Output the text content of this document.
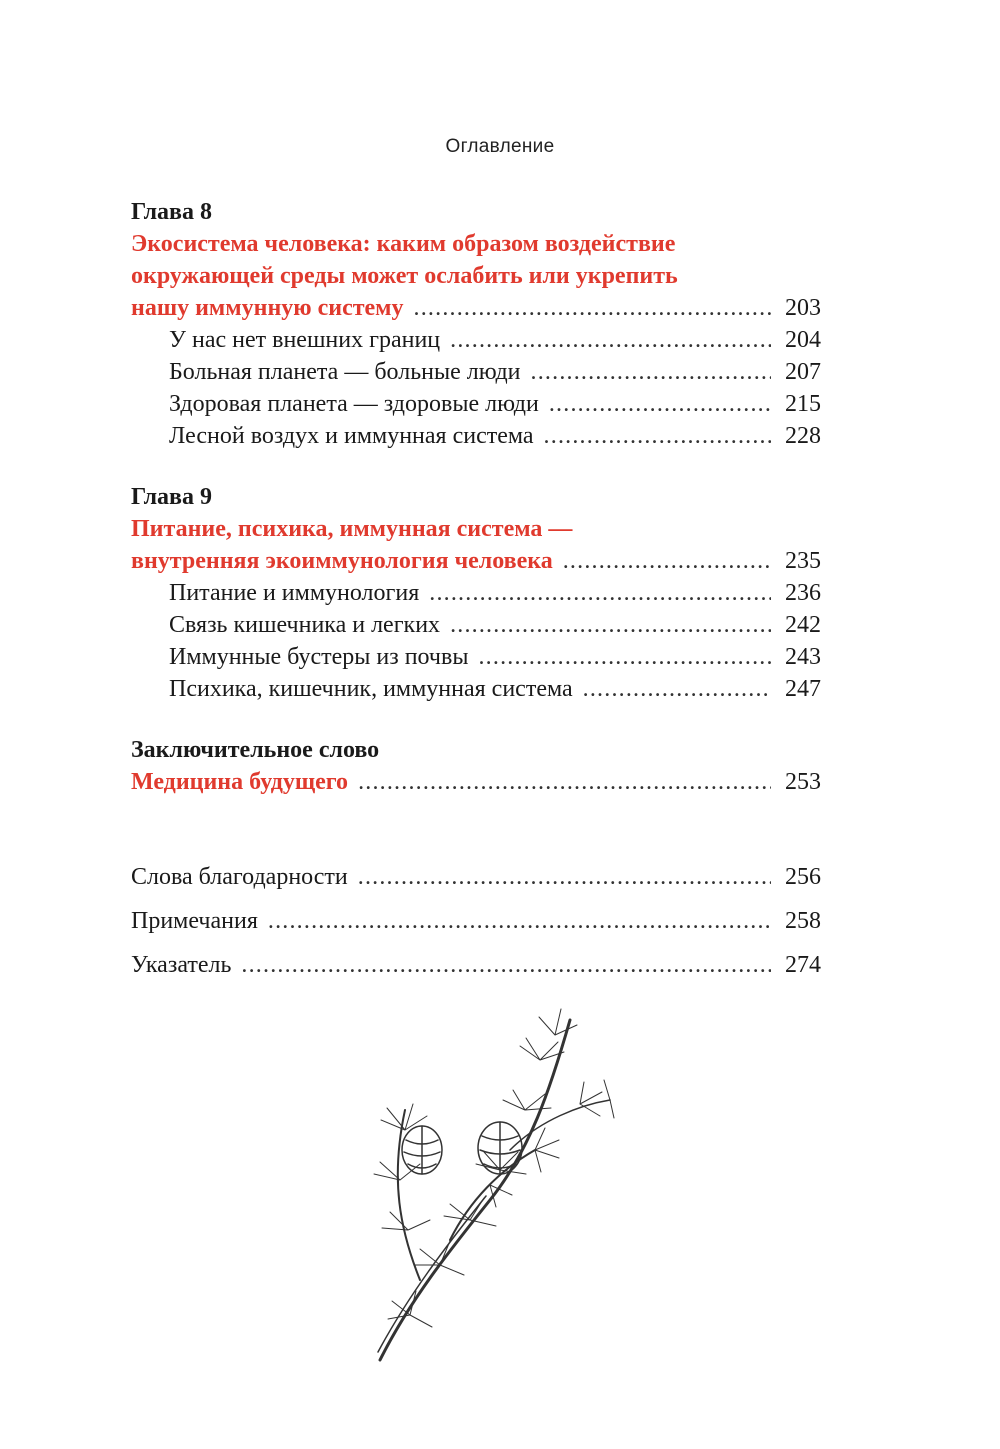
Оглавление
Глава 8
Экосистема человека: каким образом воздействие
окружающей среды может ослабить или укрепить
нашу иммунную систему .....	203
У нас нет внешних границ .....	204
Больная планета — больные люди .....	207
Здоровая планета — здоровые люди .....	215
Лесной воздух и иммунная система .....	228
Глава 9
Питание, психика, иммунная система —
внутренняя экоиммунология человека .....	235
Питание и иммунология .....	236
Связь кишечника и легких .....	242
Иммунные бустеры из почвы .....	243
Психика, кишечник, иммунная система .....	247
Заключительное слово
Медицина будущего .....	253
Слова благодарности .....	256
Примечания .....	258
Указатель .....	274
